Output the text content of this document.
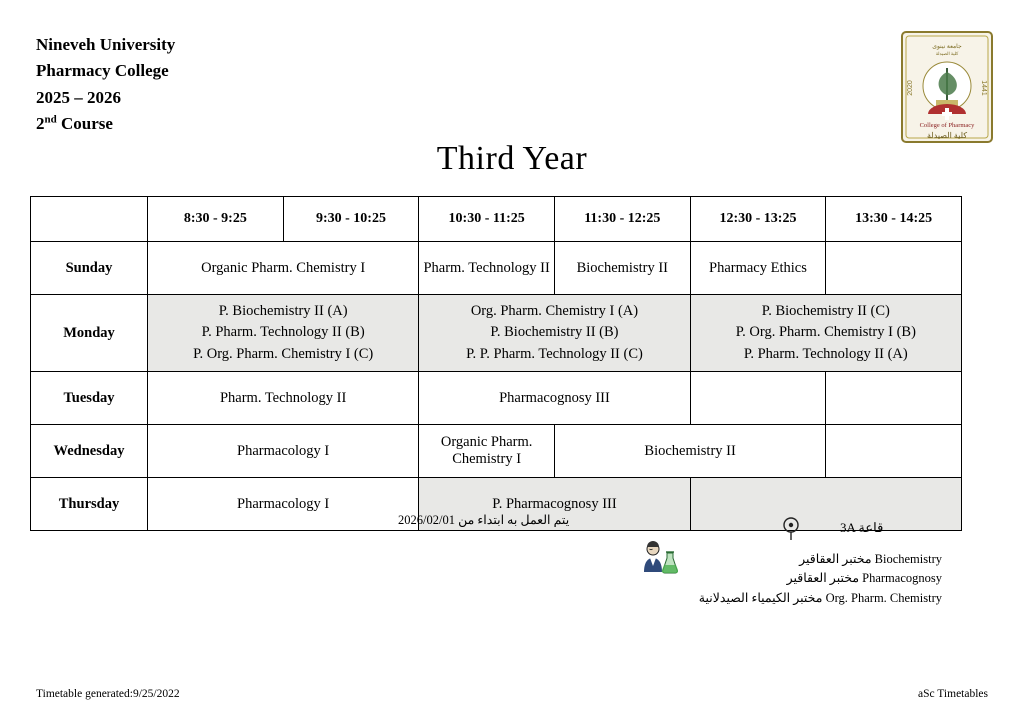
Nineveh University
Pharmacy College
2025 – 2026
2nd Course
جامعة نينوى
كلية الصيدلة
2020	1441
College of Pharmacy
كلية الصيدلة
Third Year
	8:30 - 9:25	9:30 - 10:25	10:30 - 11:25	11:30 - 12:25	12:30 - 13:25	13:30 - 14:25
Sunday	Organic Pharm. Chemistry I		Pharm. Technology II	Biochemistry II	Pharmacy Ethics	
Monday	P. Biochemistry II (A)
P. Pharm. Technology II (B)
P. Org. Pharm. Chemistry I (C)		Org. Pharm. Chemistry I (A)
P. Biochemistry II (B)
P. P. Pharm. Technology II (C)		P. Biochemistry II (C)
P. Org. Pharm. Chemistry I (B)
P. Pharm. Technology II (A)	
Tuesday	Pharm. Technology II		Pharmacognosy III			
Wednesday	Pharmacology I		Organic Pharm. Chemistry I	Biochemistry II		
Thursday	Pharmacology I		P. Pharmacognosy III			
يتم العمل به ابتداء من 2026/02/01	3A قاعة
مختبر العقاقير Biochemistry
مختبر العقاقير Pharmacognosy
مختبر الكيمياء الصيدلانية Org. Pharm. Chemistry
Timetable generated:9/25/2022	aSc Timetables
